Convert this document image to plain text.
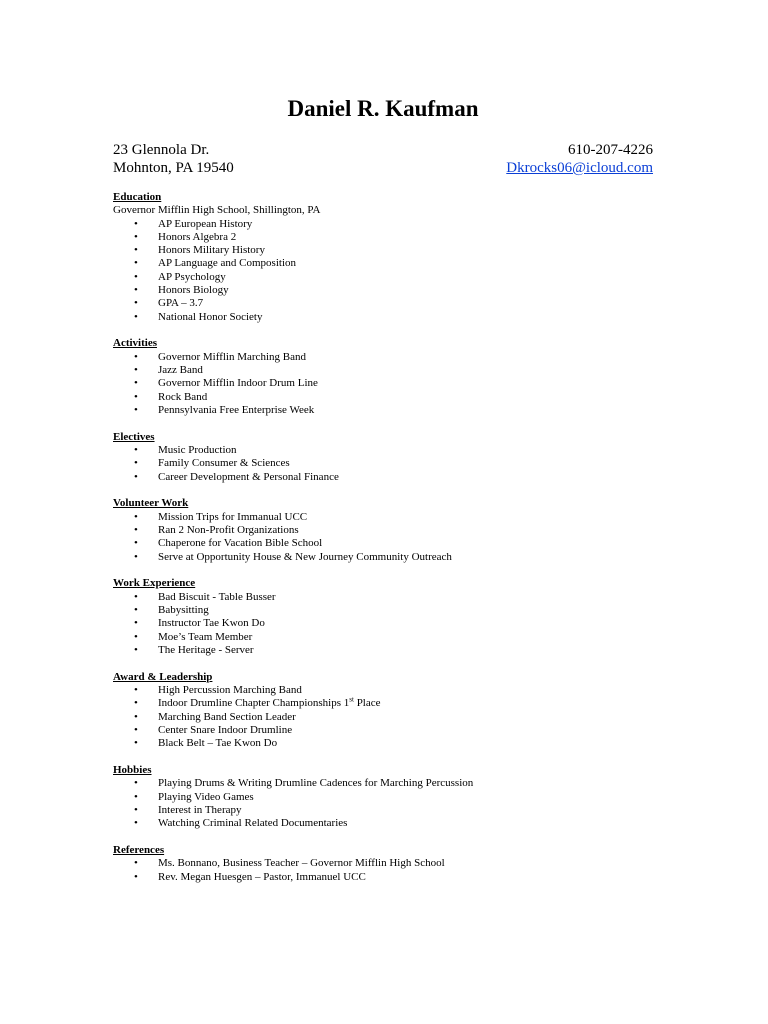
Daniel R. Kaufman
23 Glennola Dr.	610-207-4226
Mohnton, PA 19540	Dkrocks06@icloud.com

Education

Governor Mifflin High School, Shillington, PA

• AP European History
• Honors Algebra 2
• Honors Military History
• AP Language and Composition
• AP Psychology
• Honors Biology
• GPA – 3.7
• National Honor Society

Activities

• Governor Mifflin Marching Band
• Jazz Band
• Governor Mifflin Indoor Drum Line
• Rock Band
• Pennsylvania Free Enterprise Week

Electives

• Music Production
• Family Consumer & Sciences
• Career Development & Personal Finance

Volunteer Work

• Mission Trips for Immanual UCC
• Ran 2 Non-Profit Organizations
• Chaperone for Vacation Bible School
• Serve at Opportunity House & New Journey Community Outreach

Work Experience

• Bad Biscuit - Table Busser
• Babysitting
• Instructor Tae Kwon Do
• Moe’s Team Member
• The Heritage - Server

Award & Leadership

• High Percussion Marching Band
• Indoor Drumline Chapter Championships 1st Place
• Marching Band Section Leader
• Center Snare Indoor Drumline
• Black Belt – Tae Kwon Do

Hobbies

• Playing Drums & Writing Drumline Cadences for Marching Percussion
• Playing Video Games
• Interest in Therapy
• Watching Criminal Related Documentaries

References

• Ms. Bonnano, Business Teacher – Governor Mifflin High School
• Rev. Megan Huesgen – Pastor, Immanuel UCC
